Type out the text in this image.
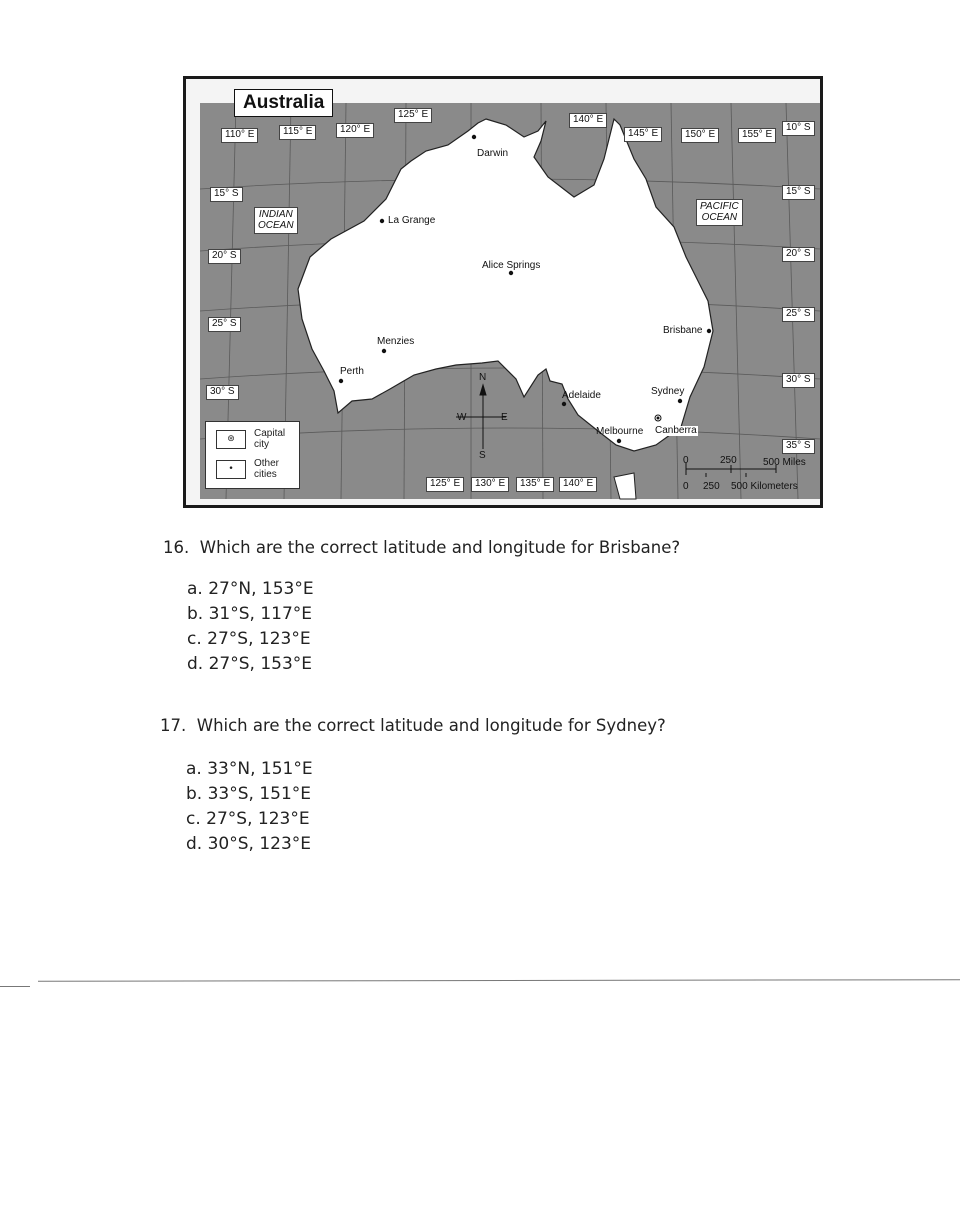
Australia
110° E	115° E	120° E
125° E	140° E
145° E	150° E	155° E
125° E	130° E	135° E	140° E
15° S
20° S
25° S
30° S
10° S
15° S
20° S
25° S
30° S
35° S
INDIAN
OCEAN
PACIFIC
OCEAN
Darwin
La Grange
Alice Springs
Brisbane
Menzies
Perth
Adelaide	Sydney
Melbourne Canberra
N
S
E
W
⊛	Capital
city
•	Other
cities
0	250	500 Miles
0 250 500 Kilometers
16. Which are the correct latitude and longitude for Brisbane?
a. 27°N, 153°E
b. 31°S, 117°E
c. 27°S, 123°E
d. 27°S, 153°E
17. Which are the correct latitude and longitude for Sydney?
a. 33°N, 151°E
b. 33°S, 151°E
c. 27°S, 123°E
d. 30°S, 123°E
